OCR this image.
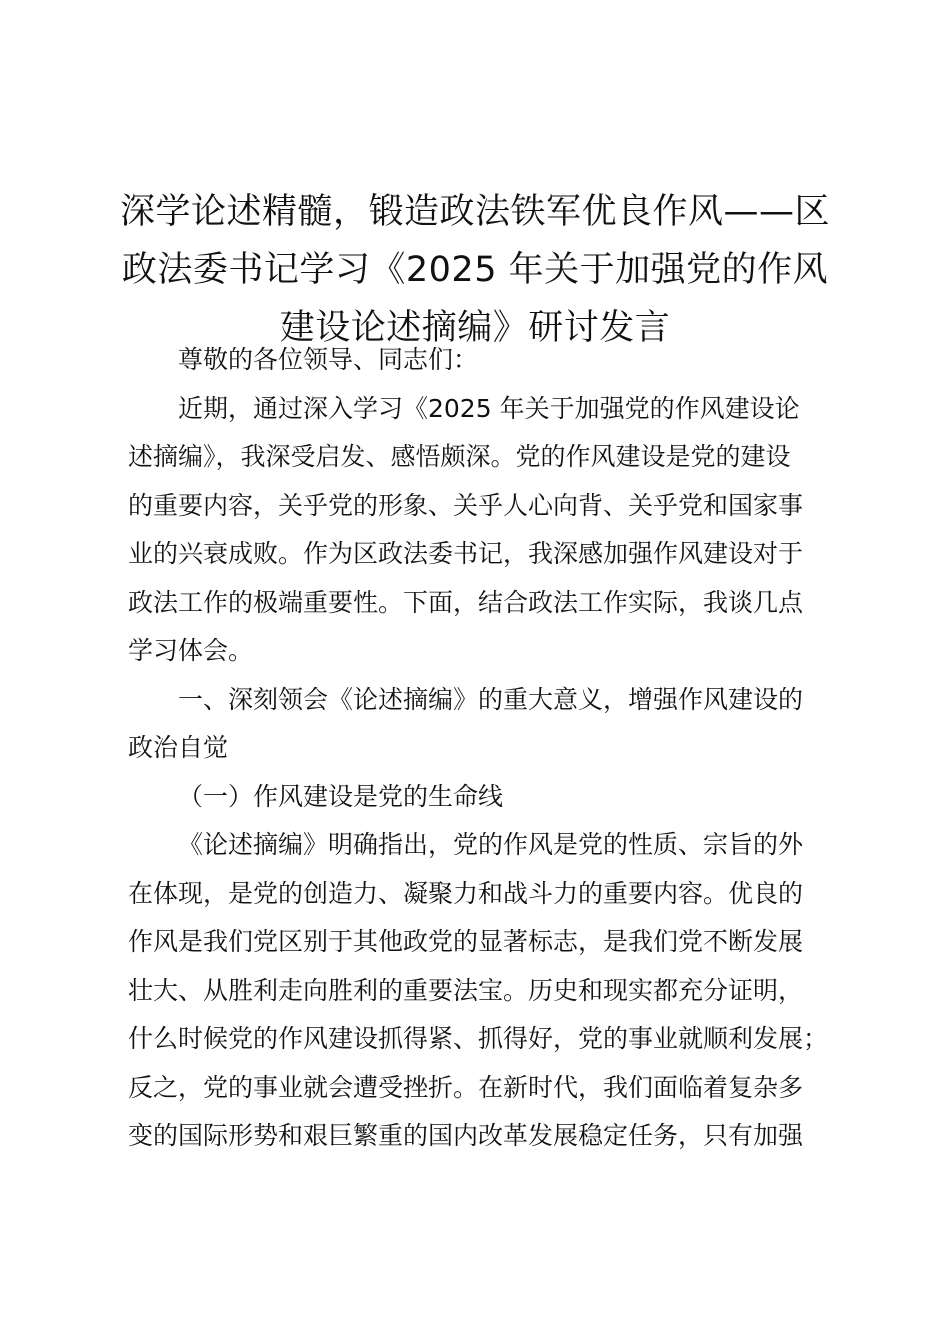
深学论述精髓，锻造政法铁军优良作风——区
政法委书记学习《2025 年关于加强党的作风
建设论述摘编》研讨发言
尊敬的各位领导、同志们：
近期，通过深入学习《2025 年关于加强党的作风建设论
述摘编》，我深受启发、感悟颇深。党的作风建设是党的建设
的重要内容，关乎党的形象、关乎人心向背、关乎党和国家事
业的兴衰成败。作为区政法委书记，我深感加强作风建设对于
政法工作的极端重要性。下面，结合政法工作实际，我谈几点
学习体会。
一、深刻领会《论述摘编》的重大意义，增强作风建设的
政治自觉
（一）作风建设是党的生命线
《论述摘编》明确指出，党的作风是党的性质、宗旨的外
在体现，是党的创造力、凝聚力和战斗力的重要内容。优良的
作风是我们党区别于其他政党的显著标志，是我们党不断发展
壮大、从胜利走向胜利的重要法宝。历史和现实都充分证明，
什么时候党的作风建设抓得紧、抓得好，党的事业就顺利发展；
反之，党的事业就会遭受挫折。在新时代，我们面临着复杂多
变的国际形势和艰巨繁重的国内改革发展稳定任务，只有加强
